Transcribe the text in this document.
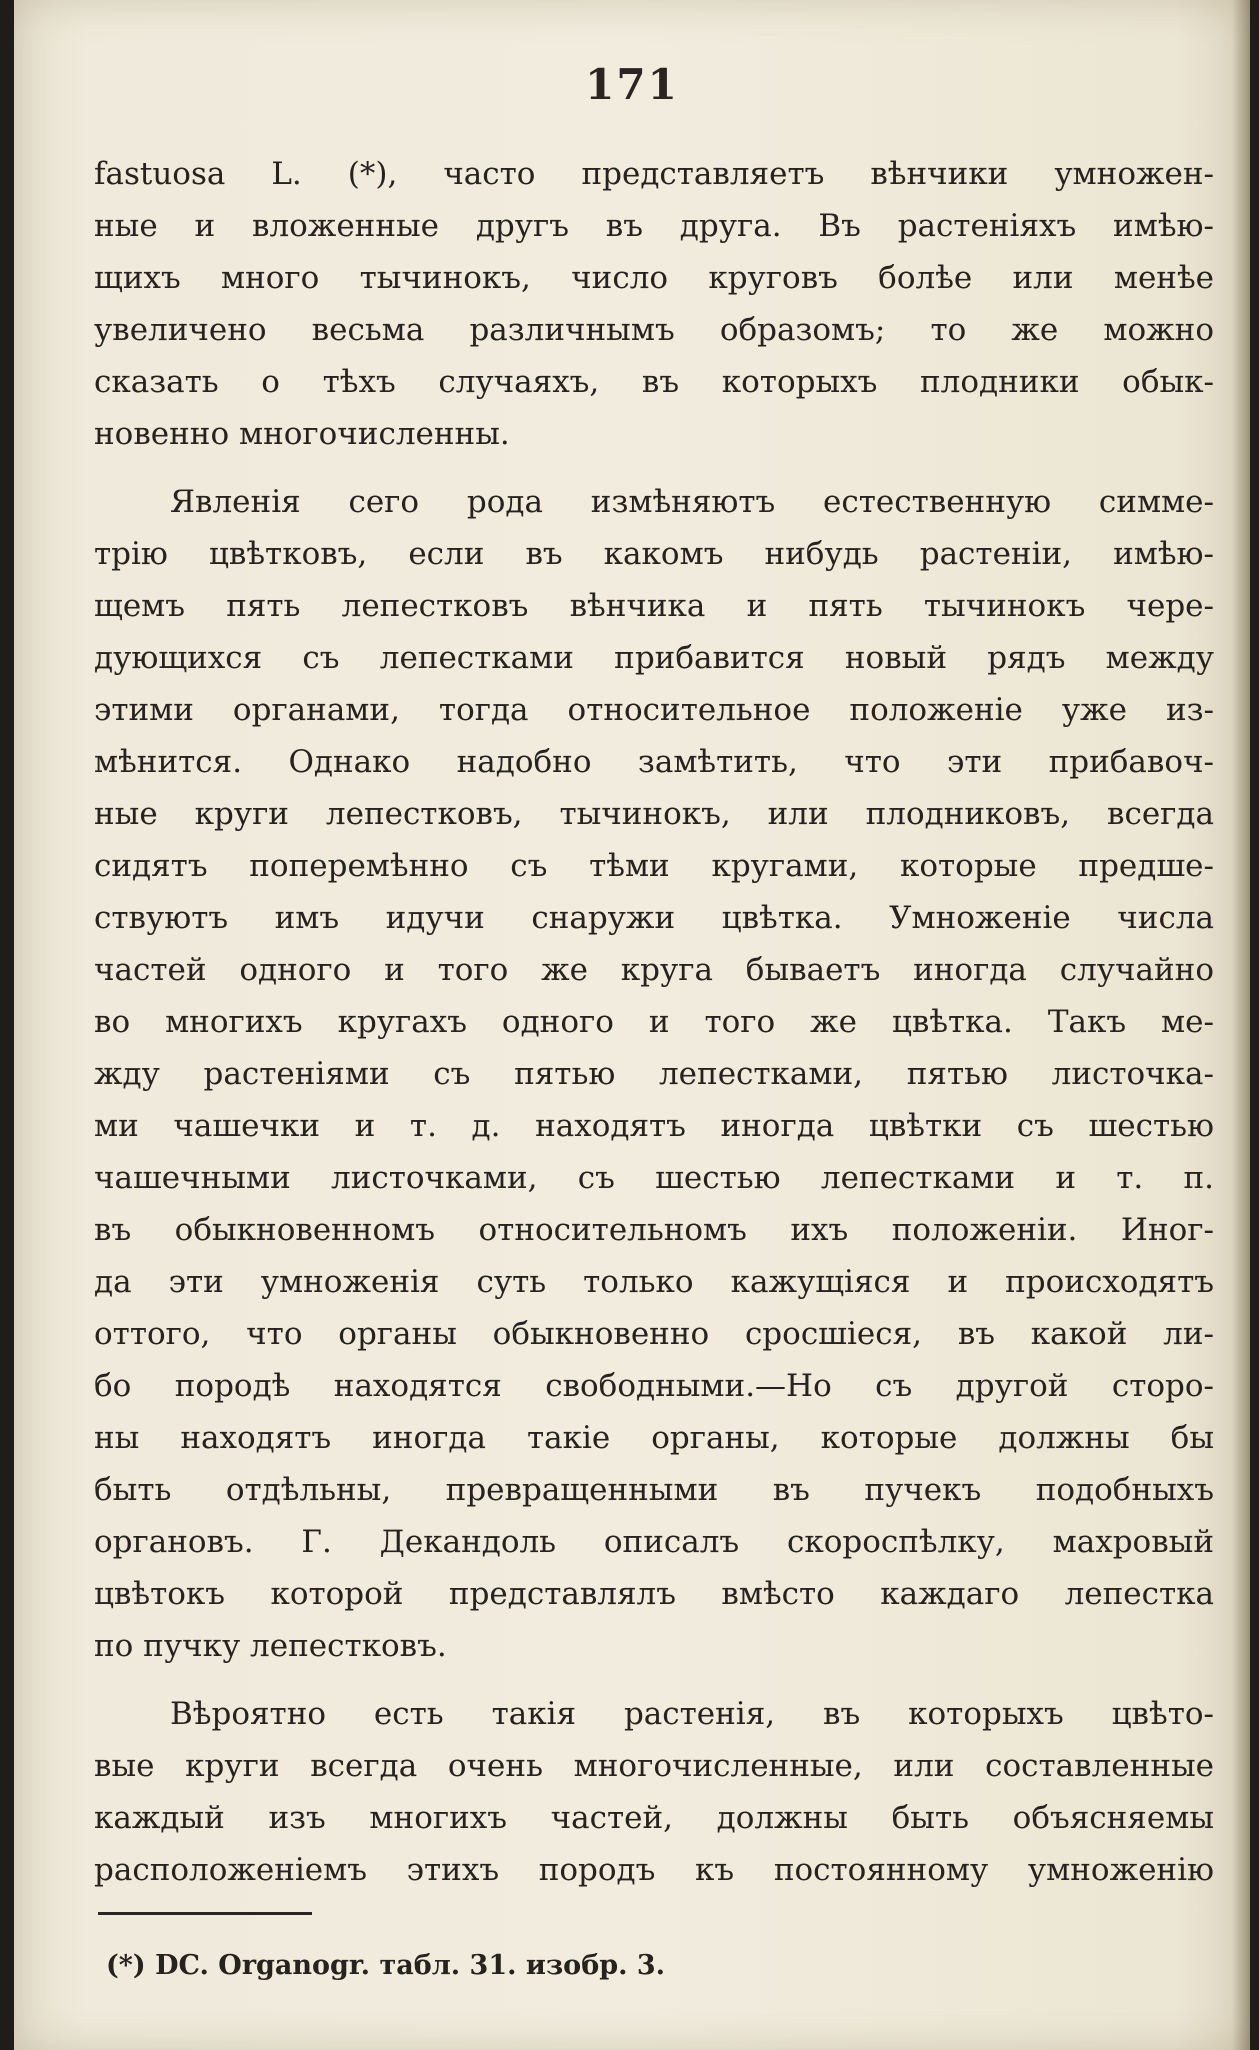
171
fastuosa L. (*), часто представляетъ вѣнчики умножен-
ные и вложенные другъ въ друга. Въ растенiяхъ имѣю-
щихъ много тычинокъ, число круговъ болѣе или менѣе
увеличено весьма различнымъ образомъ; то же можно
сказать о тѣхъ случаяхъ, въ которыхъ плодники обык-
новенно многочисленны.
Явленiя сего рода измѣняютъ естественную симме-
трiю цвѣтковъ, если въ какомъ нибудь растенiи, имѣю-
щемъ пять лепестковъ вѣнчика и пять тычинокъ чере-
дующихся съ лепестками прибавится новый рядъ между
этими органами, тогда относительное положенiе уже из-
мѣнится. Однако надобно замѣтить, что эти прибавоч-
ные круги лепестковъ, тычинокъ, или плодниковъ, всегда
сидятъ поперемѣнно съ тѣми кругами, которые предше-
ствуютъ имъ идучи снаружи цвѣтка. Умноженiе числа
частей одного и того же круга бываетъ иногда случайно
во многихъ кругахъ одного и того же цвѣтка. Такъ ме-
жду растенiями съ пятью лепестками, пятью листочка-
ми чашечки и т. д. находятъ иногда цвѣтки съ шестью
чашечными листочками, съ шестью лепестками и т. п.
въ обыкновенномъ относительномъ ихъ положенiи. Иног-
да эти умноженiя суть только кажущiяся и происходятъ
оттого, что органы обыкновенно сросшiеся, въ какой ли-
бо породѣ находятся свободными.—Но съ другой сторо-
ны находятъ иногда такiе органы, которые должны бы
быть отдѣльны, превращенными въ пучекъ подобныхъ
органовъ. Г. Декандоль описалъ скороспѣлку, махровый
цвѣтокъ которой представлялъ вмѣсто каждаго лепестка
по пучку лепестковъ.
Вѣроятно есть такiя растенiя, въ которыхъ цвѣто-
вые круги всегда очень многочисленные, или составленные
каждый изъ многихъ частей, должны быть объясняемы
расположенiемъ этихъ породъ къ постоянному умноженiю
(*) DC. Organogr. табл. 31. изобр. 3.
